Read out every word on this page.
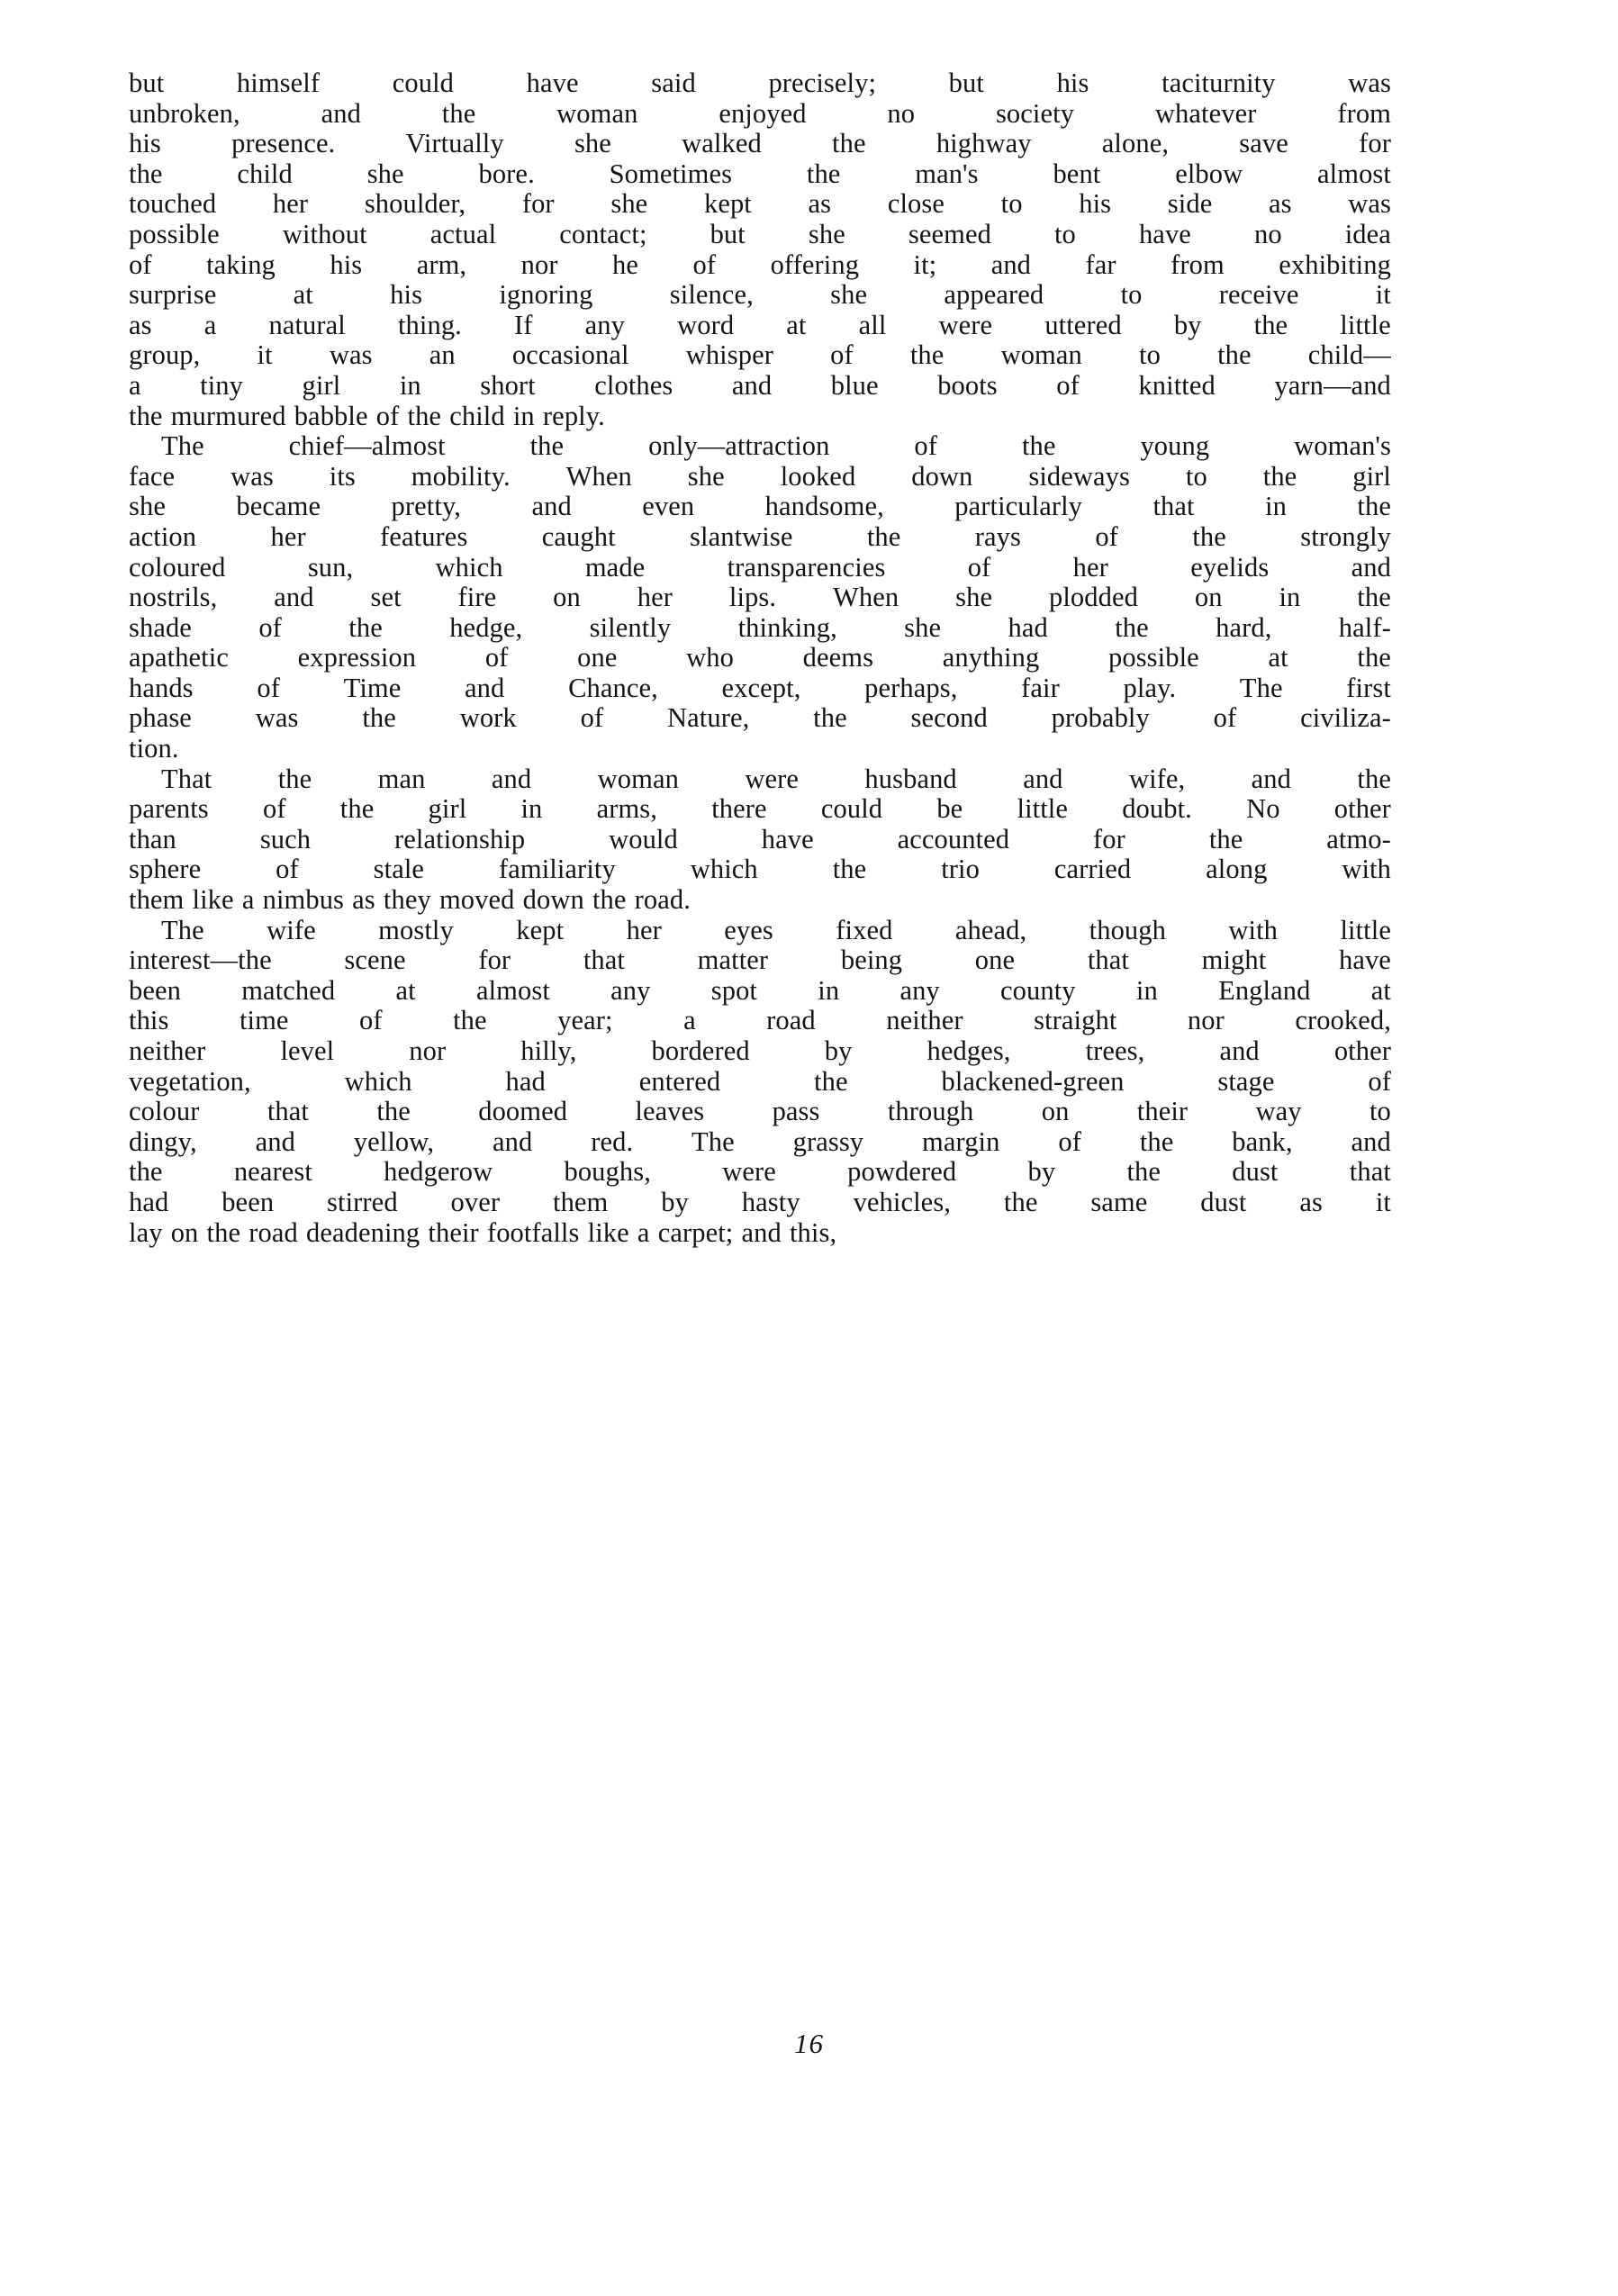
but	himself	could	have	said	precisely;	but	his	taciturnity	was
unbroken,	and	the	woman	enjoyed	no	society	whatever	from
his	presence.	Virtually	she	walked	the	highway	alone,	save	for
the	child	she	bore.	Sometimes	the	man's	bent	elbow	almost
touched her shoulder, for she kept as close to his side as was
possible without actual contact; but she seemed to have no idea
of taking his arm, nor he of offering it; and far from exhibiting
surprise	at	his	ignoring	silence,	she	appeared	to	receive	it
as a natural thing. If any word at all were uttered by the little
group, it was an occasional whisper of the woman to the child—
a tiny girl in short clothes and blue boots of knitted yarn—and
the murmured babble of the child in reply.
The	chief—almost	the	only—attraction	of	the	young	woman's
face was its mobility. When she looked down sideways to the girl
she	became	pretty,	and	even	handsome,	particularly	that	in	the
action	her	features	caught	slantwise	the	rays	of	the	strongly
coloured	sun,	which	made	transparencies	of	her	eyelids	and
nostrils, and set fire on her lips. When she plodded on in the
shade of the hedge, silently thinking, she had the hard, half-
apathetic	expression	of	one	who	deems	anything	possible	at	the
hands of Time and Chance, except, perhaps, fair play. The first
phase was the work of Nature, the second probably of civiliza-
tion.
That the man and woman were husband and wife, and the
parents of the girl in arms, there could be little doubt. No other
than	such	relationship	would	have	accounted	for	the	atmo-
sphere	of	stale	familiarity	which	the	trio	carried	along	with
them like a nimbus as they moved down the road.
The wife mostly kept her eyes fixed ahead, though with little
interest—the	scene	for	that	matter	being	one	that	might	have
been matched at almost any spot in any county in England at
this	time	of	the	year;	a	road	neither	straight	nor	crooked,
neither	level	nor	hilly,	bordered	by	hedges,	trees,	and	other
vegetation,	which	had	entered	the	blackened-green	stage	of
colour that the doomed leaves pass through on their way to
dingy, and yellow, and red. The grassy margin of the bank, and
the	nearest	hedgerow	boughs,	were	powdered	by	the	dust	that
had been stirred over them by hasty vehicles, the same dust as it
lay on the road deadening their footfalls like a carpet; and this,
16
